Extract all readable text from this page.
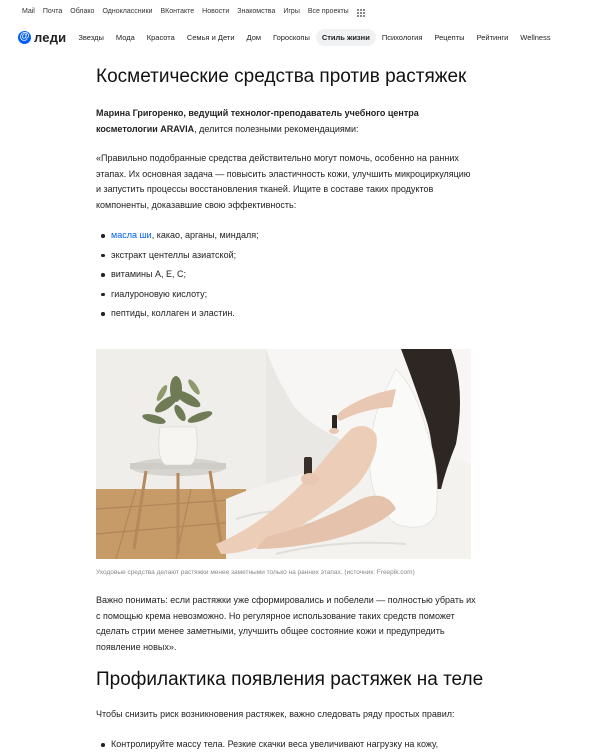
Mail Почта Облако Одноклассники ВКонтакте Новости Знакомства Игры Все проекты
@ леди	Звезды	Мода	Красота	Семья и Дети	Дом	Гороскопы	Стиль жизни	Психология	Рецепты	Рейтинги	Wellness
Косметические средства против растяжек

Марина Григоренко, ведущий технолог-преподаватель учебного центра косметологии ARAVIA, делится полезными рекомендациями:

«Правильно подобранные средства действительно могут помочь, особенно на ранних этапах. Их основная задача — повысить эластичность кожи, улучшить микроциркуляцию и запустить процессы восстановления тканей. Ищите в составе таких продуктов компоненты, доказавшие свою эффективность:

масла ши, какао, арганы, миндаля;
экстракт центеллы азиатской;
витамины А, Е, С;
гиалуроновую кислоту;
пептиды, коллаген и эластин.
Уходовые средства делают растяжки менее заметными только на ранних этапах. (источник: Freepik.com)

Важно понимать: если растяжки уже сформировались и побелели — полностью убрать их с помощью крема невозможно. Но регулярное использование таких средств поможет сделать стрии менее заметными, улучшить общее состояние кожи и предупредить появление новых».

Профилактика появления растяжек на теле

Чтобы снизить риск возникновения растяжек, важно следовать ряду простых правил:

Контролируйте массу тела. Резкие скачки веса увеличивают нагрузку на кожу,
